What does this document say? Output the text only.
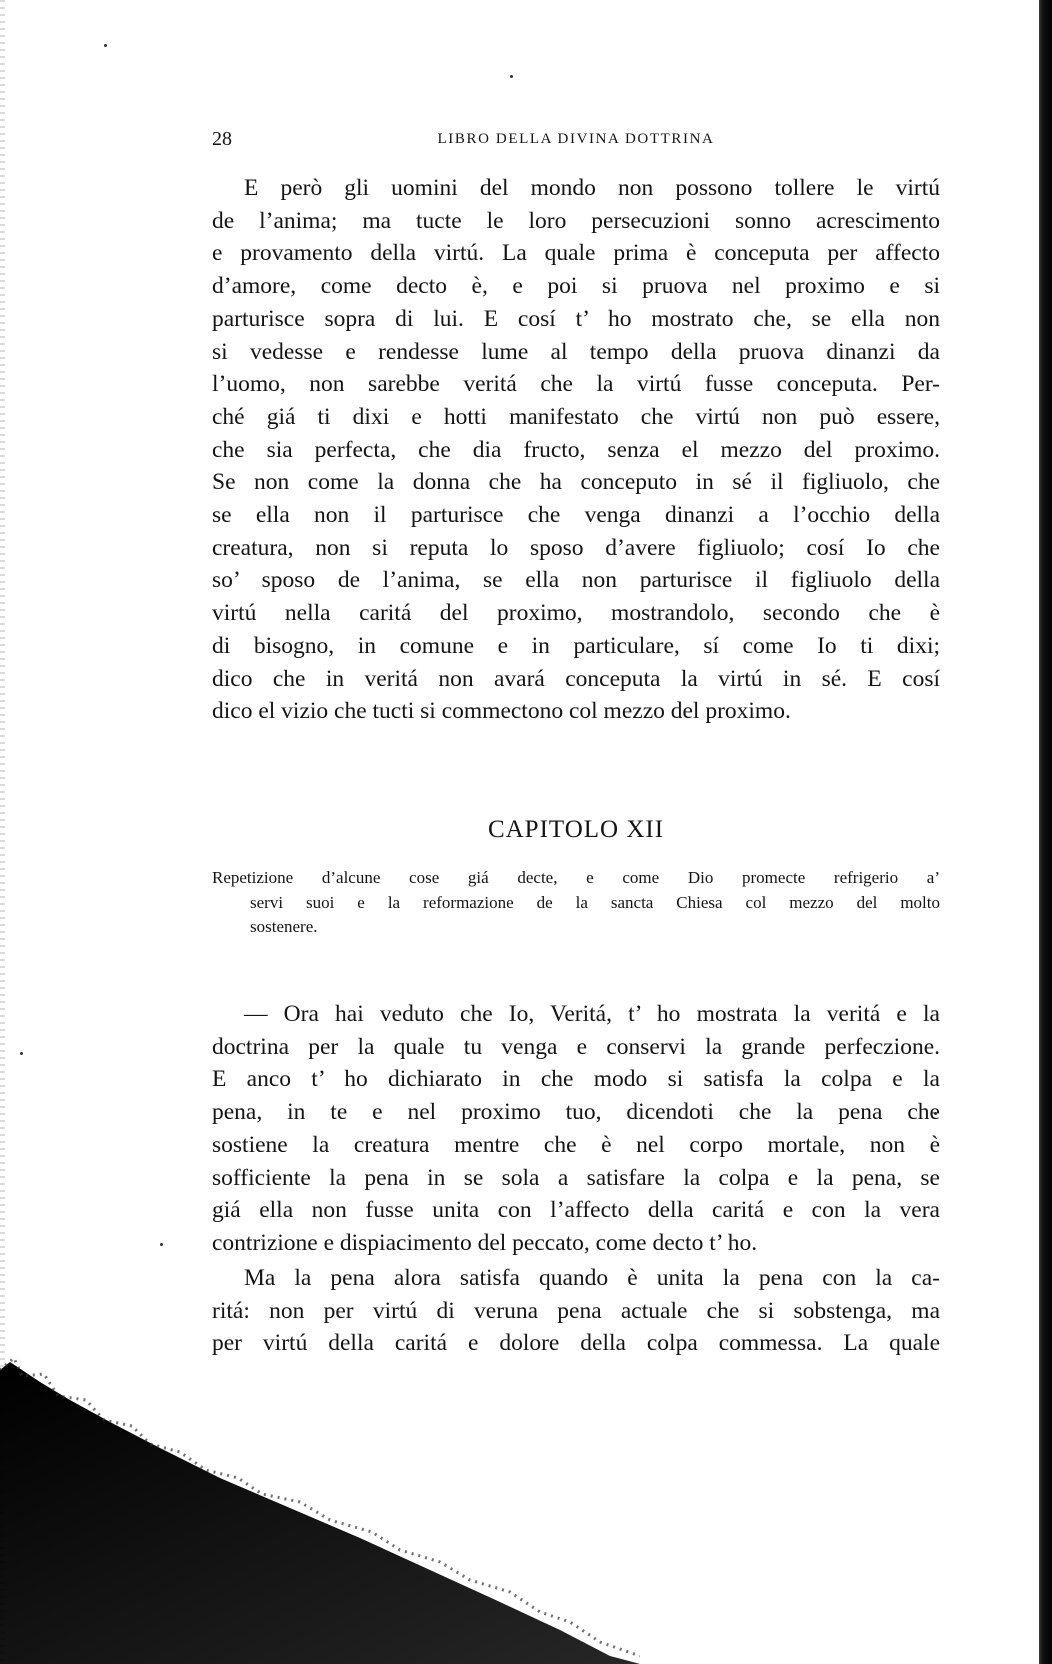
28	LIBRO DELLA DIVINA DOTTRINA
E però gli uomini del mondo non possono tollere le virtú
de l’anima; ma tucte le loro persecuzioni sonno acrescimento
e provamento della virtú. La quale prima è conceputa per affecto
d’amore, come decto è, e poi si pruova nel proximo e si
parturisce sopra di lui. E cosí t’ ho mostrato che, se ella non
si vedesse e rendesse lume al tempo della pruova dinanzi da
l’uomo, non sarebbe veritá che la virtú fusse conceputa. Per-
ché giá ti dixi e hotti manifestato che virtú non può essere,
che sia perfecta, che dia fructo, senza el mezzo del proximo.
Se non come la donna che ha conceputo in sé il figliuolo, che
se ella non il parturisce che venga dinanzi a l’occhio della
creatura, non si reputa lo sposo d’avere figliuolo; cosí Io che
so’ sposo de l’anima, se ella non parturisce il figliuolo della
virtú nella caritá del proximo, mostrandolo, secondo che è
di bisogno, in comune e in particulare, sí come Io ti dixi;
dico che in veritá non avará conceputa la virtú in sé. E cosí
dico el vizio che tucti si commectono col mezzo del proximo.
CAPITOLO XII
Repetizione d’alcune cose giá decte, e come Dio promecte refrigerio a’
servi suoi e la reformazione de la sancta Chiesa col mezzo del molto
sostenere.
— Ora hai veduto che Io, Veritá, t’ ho mostrata la veritá e la
doctrina per la quale tu venga e conservi la grande perfeczione.
E anco t’ ho dichiarato in che modo si satisfa la colpa e la
pena, in te e nel proximo tuo, dicendoti che la pena che
sostiene la creatura mentre che è nel corpo mortale, non è
sofficiente la pena in se sola a satisfare la colpa e la pena, se
giá ella non fusse unita con l’affecto della caritá e con la vera
contrizione e dispiacimento del peccato, come decto t’ ho.
Ma la pena alora satisfa quando è unita la pena con la ca-
ritá: non per virtú di veruna pena actuale che si sobstenga, ma
per virtú della caritá e dolore della colpa commessa. La quale
